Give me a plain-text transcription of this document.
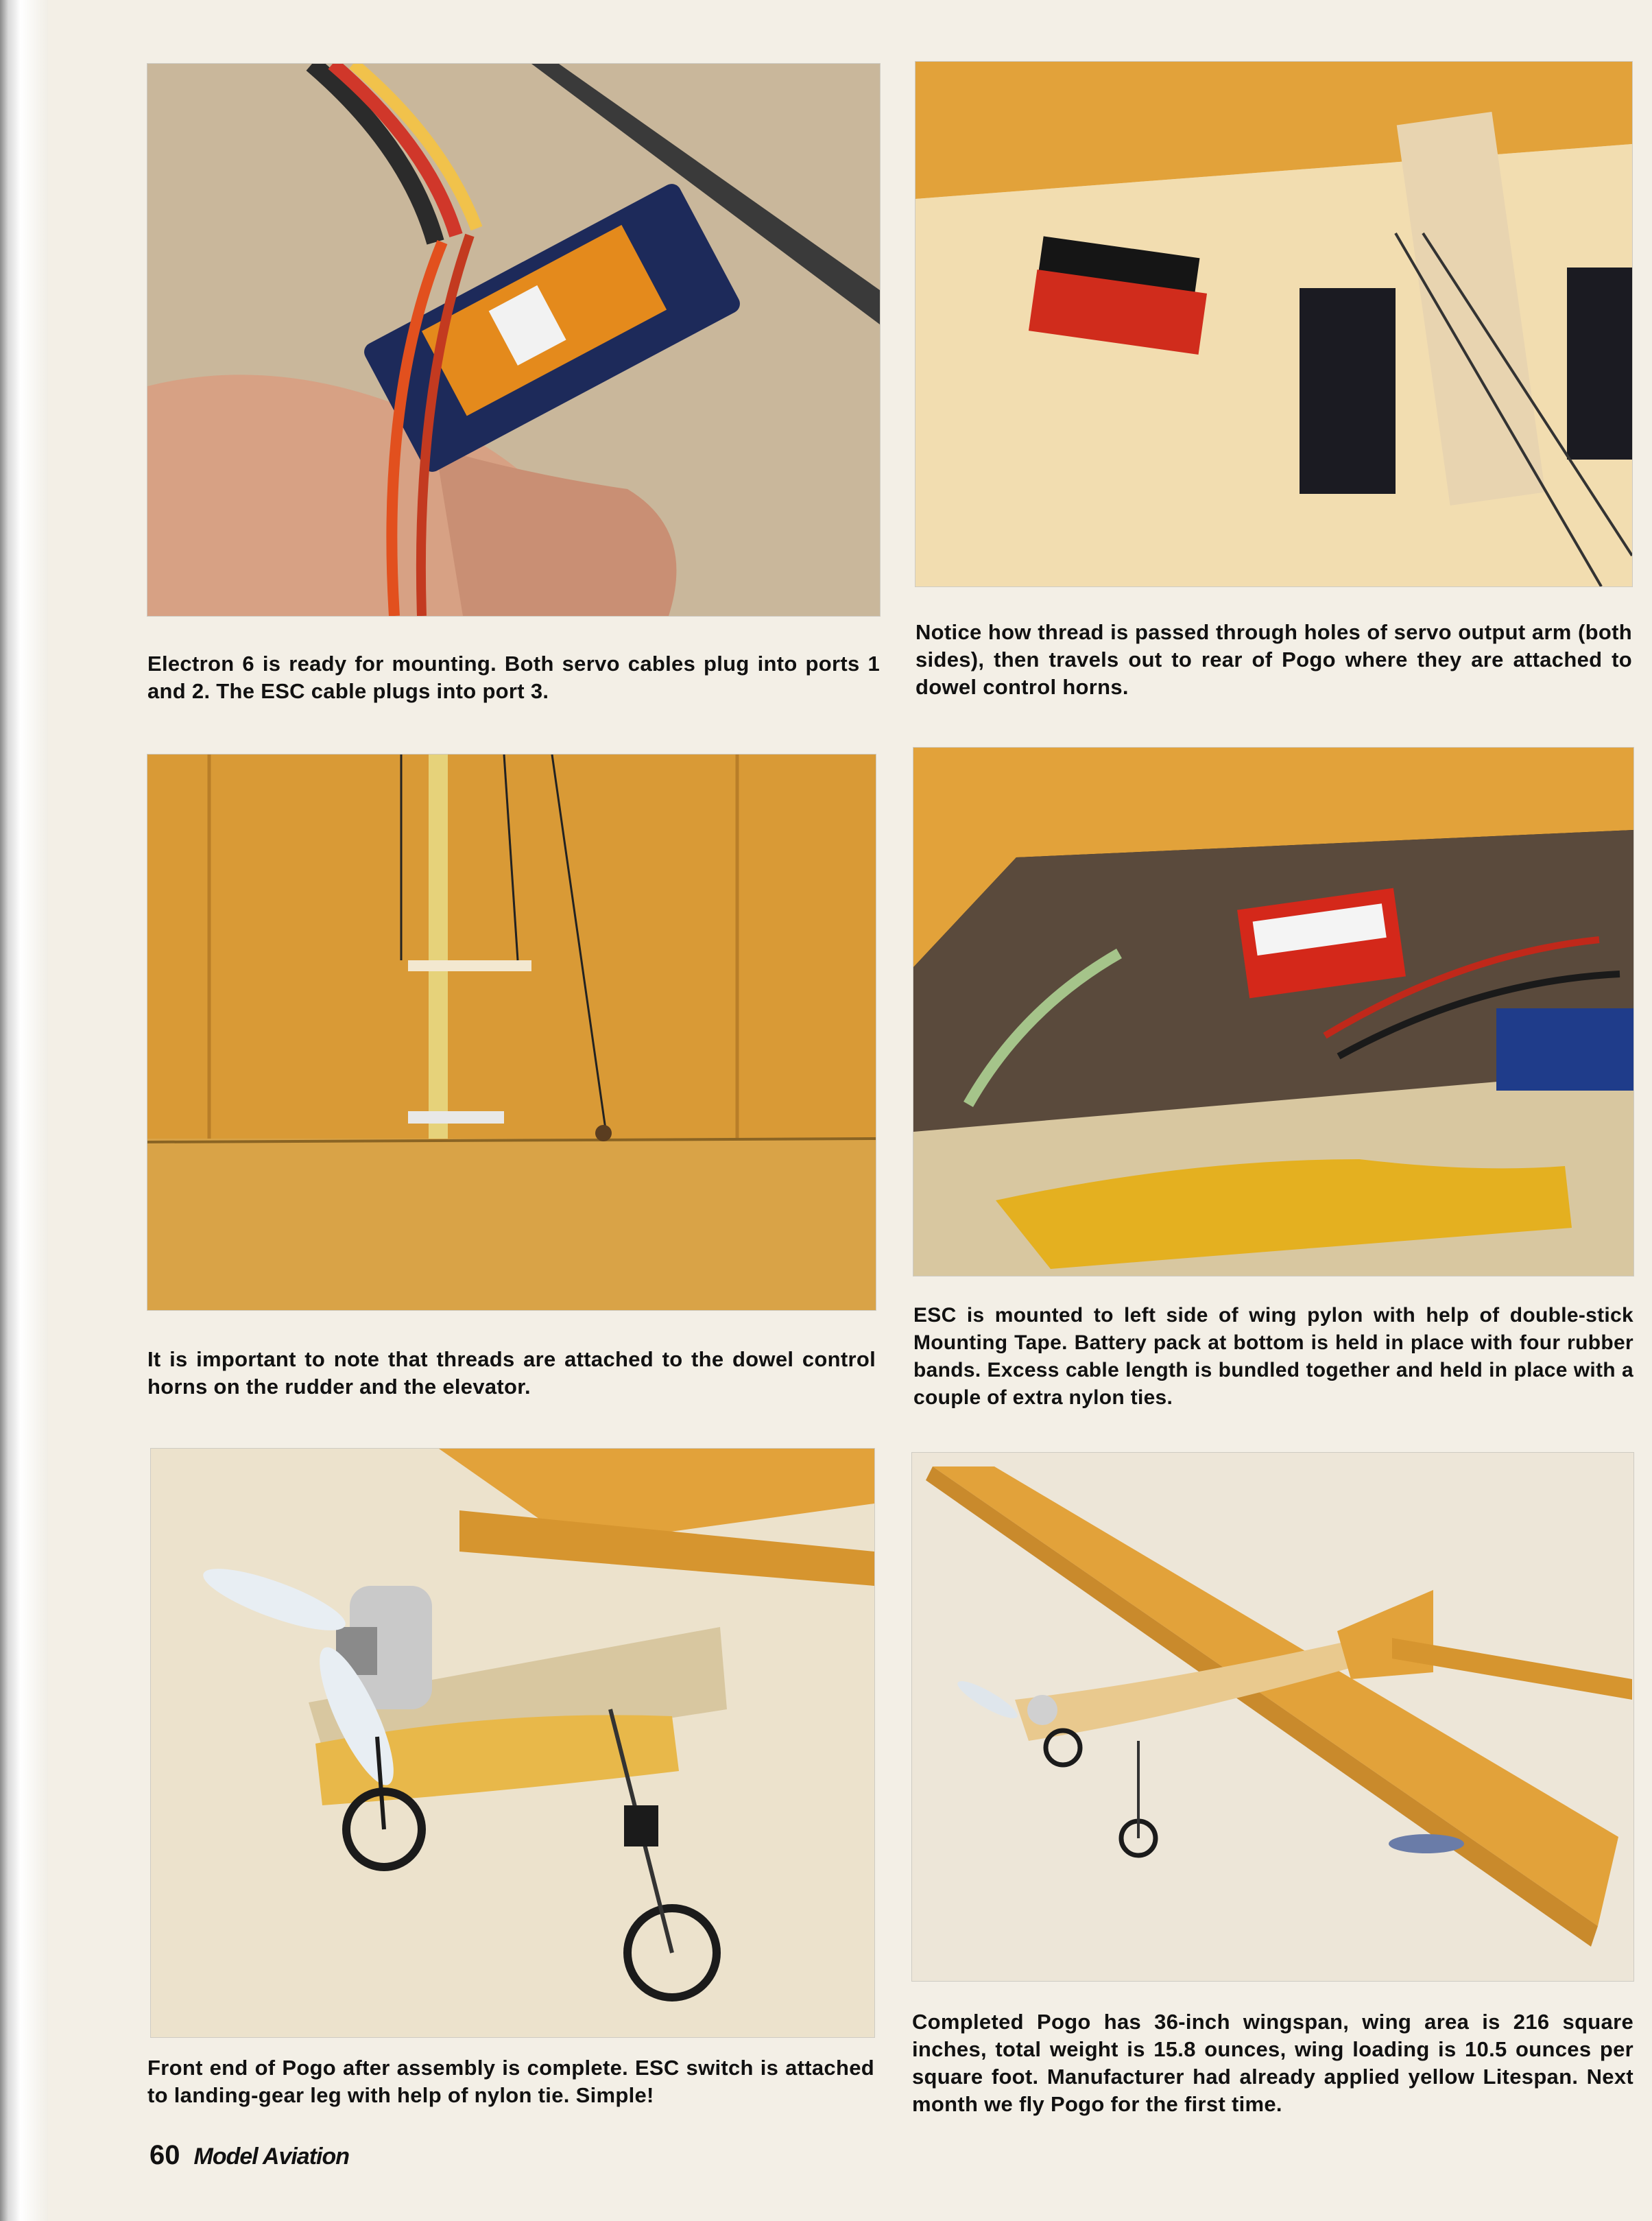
Electron 6 is ready for mounting. Both servo cables plug into ports 1 and 2. The ESC cable plugs into port 3.

Notice how thread is passed through holes of servo output arm (both sides), then travels out to rear of Pogo where they are attached to dowel control horns.

It is important to note that threads are attached to the dowel control horns on the rudder and the elevator.

ESC is mounted to left side of wing pylon with help of double-stick Mounting Tape. Battery pack at bottom is held in place with four rubber bands. Excess cable length is bundled together and held in place with a couple of extra nylon ties.

Front end of Pogo after assembly is complete. ESC switch is attached to landing-gear leg with help of nylon tie. Simple!

Completed Pogo has 36-inch wingspan, wing area is 216 square inches, total weight is 15.8 ounces, wing loading is 10.5 ounces per square foot. Manufacturer had already applied yellow Litespan. Next month we fly Pogo for the first time.

60 Model Aviation
